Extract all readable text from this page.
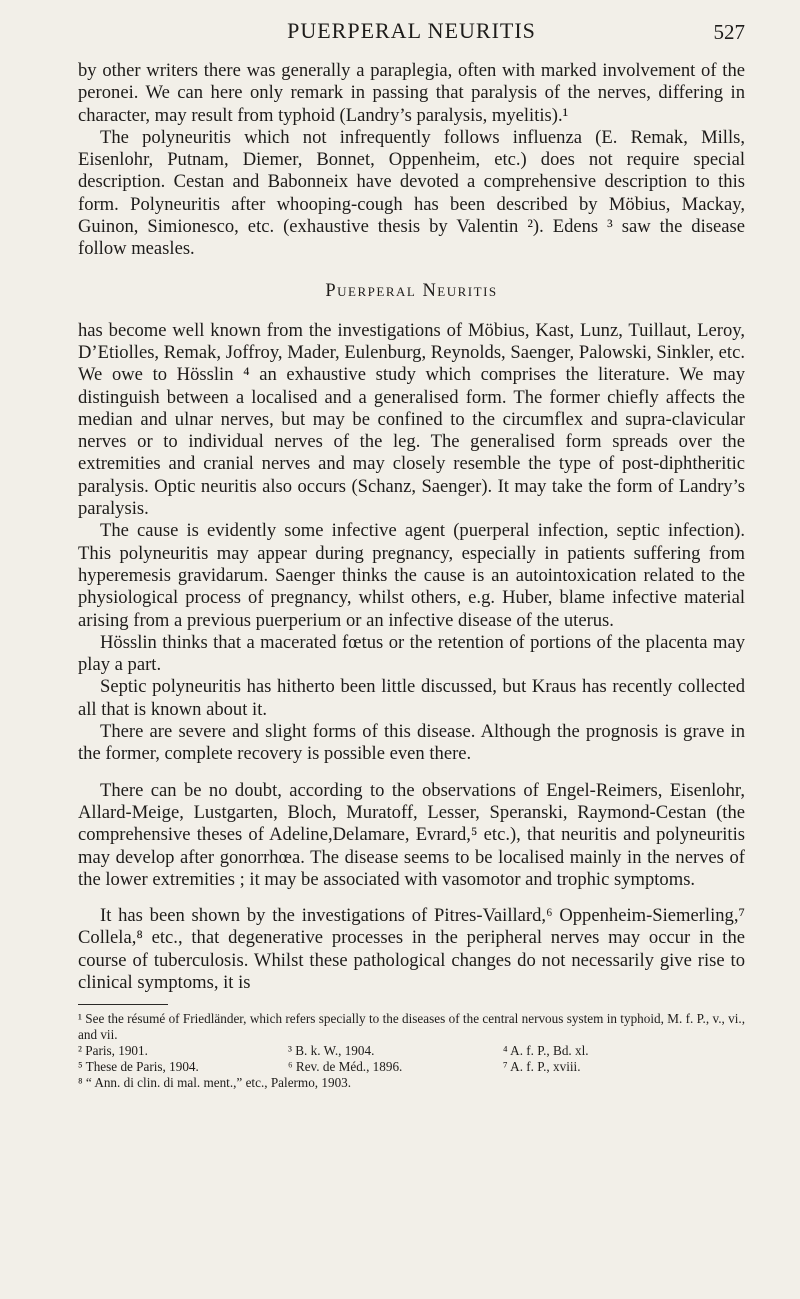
PUERPERAL NEURITIS	527

by other writers there was generally a paraplegia, often with marked involvement of the peronei. We can here only remark in passing that paralysis of the nerves, differing in character, may result from typhoid (Landry’s paralysis, myelitis).¹

The polyneuritis which not infrequently follows influenza (E. Remak, Mills, Eisenlohr, Putnam, Diemer, Bonnet, Oppenheim, etc.) does not require special description. Cestan and Babonneix have devoted a comprehensive description to this form. Polyneuritis after whooping-cough has been described by Möbius, Mackay, Guinon, Simionesco, etc. (exhaustive thesis by Valentin ²). Edens ³ saw the disease follow measles.

Puerperal Neuritis

has become well known from the investigations of Möbius, Kast, Lunz, Tuillaut, Leroy, D’Etiolles, Remak, Joffroy, Mader, Eulenburg, Reynolds, Saenger, Palowski, Sinkler, etc. We owe to Hösslin ⁴ an exhaustive study which comprises the literature. We may distinguish between a localised and a generalised form. The former chiefly affects the median and ulnar nerves, but may be confined to the circumflex and supra-clavicular nerves or to individual nerves of the leg. The generalised form spreads over the extremities and cranial nerves and may closely resemble the type of post-diphtheritic paralysis. Optic neuritis also occurs (Schanz, Saenger). It may take the form of Landry’s paralysis.

The cause is evidently some infective agent (puerperal infection, septic infection). This polyneuritis may appear during pregnancy, especially in patients suffering from hyperemesis gravidarum. Saenger thinks the cause is an autointoxication related to the physiological process of pregnancy, whilst others, e.g. Huber, blame infective material arising from a previous puerperium or an infective disease of the uterus.

Hösslin thinks that a macerated fœtus or the retention of portions of the placenta may play a part.

Septic polyneuritis has hitherto been little discussed, but Kraus has recently collected all that is known about it.

There are severe and slight forms of this disease. Although the prognosis is grave in the former, complete recovery is possible even there.

There can be no doubt, according to the observations of Engel-Reimers, Eisenlohr, Allard-Meige, Lustgarten, Bloch, Muratoff, Lesser, Speranski, Raymond-Cestan (the comprehensive theses of Adeline,Delamare, Evrard,⁵ etc.), that neuritis and polyneuritis may develop after gonorrhœa. The disease seems to be localised mainly in the nerves of the lower extremities ; it may be associated with vasomotor and trophic symptoms.

It has been shown by the investigations of Pitres-Vaillard,⁶ Oppenheim-Siemerling,⁷ Collela,⁸ etc., that degenerative processes in the peripheral nerves may occur in the course of tuberculosis. Whilst these pathological changes do not necessarily give rise to clinical symptoms, it is

¹ See the résumé of Friedländer, which refers specially to the diseases of the central nervous system in typhoid, M. f. P., v., vi., and vii.

² Paris, 1901.	³ B. k. W., 1904.	⁴ A. f. P., Bd. xl.
⁵ These de Paris, 1904.	⁶ Rev. de Méd., 1896.	⁷ A. f. P., xviii.

⁸ “ Ann. di clin. di mal. ment.,” etc., Palermo, 1903.
